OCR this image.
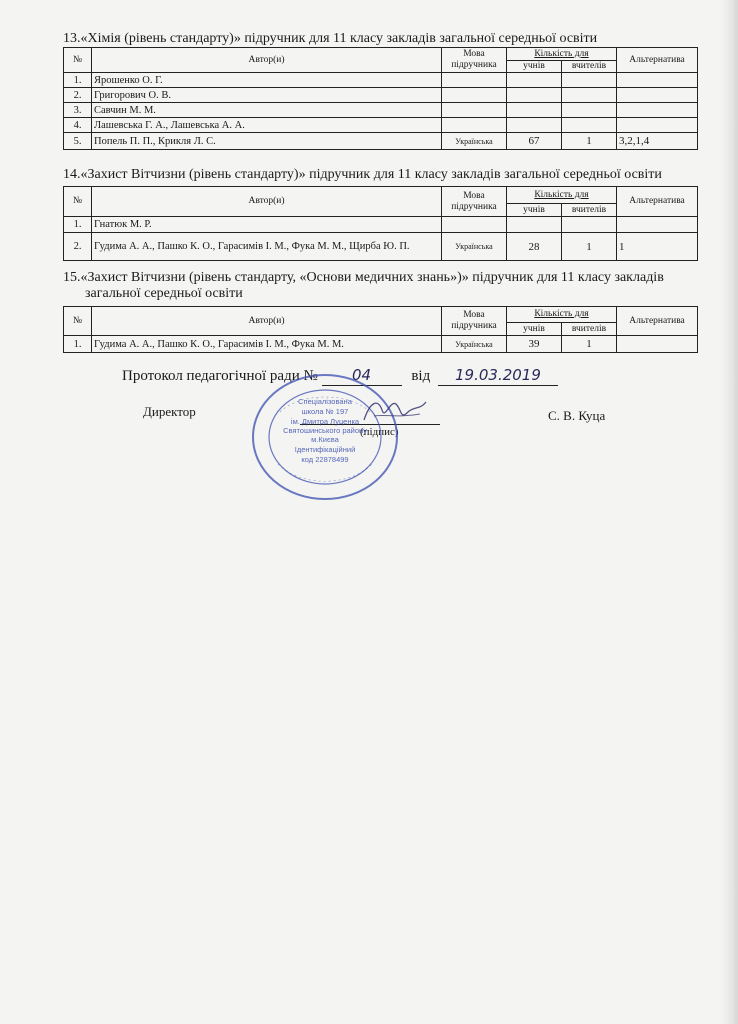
13.«Хімія (рівень стандарту)» підручник для 11 класу закладів загальної середньої освіти
№	Автор(и)	Мова підручника	Кількість для		Альтернатива
			учнів	вчителів	
1.	Ярошенко О. Г.				
2.	Григорович О. В.				
3.	Савчин М. М.				
4.	Лашевська Г. А., Лашевська А. А.				
5.	Попель П. П., Крикля Л. С.	Українська	67	1	3,2,1,4
14.«Захист Вітчизни (рівень стандарту)» підручник для 11 класу закладів загальної середньої освіти
№	Автор(и)	Мова підручника	Кількість для		Альтернатива
			учнів	вчителів	
1.	Гнатюк М. Р.				
2.	Гудима А. А., Пашко К. О., Гарасимів І. М., Фука М. М., Щирба Ю. П.	Українська	28	1	1
15.«Захист Вітчизни (рівень стандарту, «Основи медичних знань»)» підручник для 11 класу закладів
загальної середньої освіти
№	Автор(и)	Мова підручника	Кількість для		Альтернатива
			учнів	вчителів	
1.	Гудима А. А., Пашко К. О., Гарасимів І. М., Фука М. М.	Українська	39	1	
Протокол педагогічної ради № 04	від 19.03.2019
Директор
(підпис)
С. В. Куца
Спеціалізована
школа № 197
ім. Дмитра Луценка
Святошинського району
м.Києва
Ідентифікаційний
код 22878499
